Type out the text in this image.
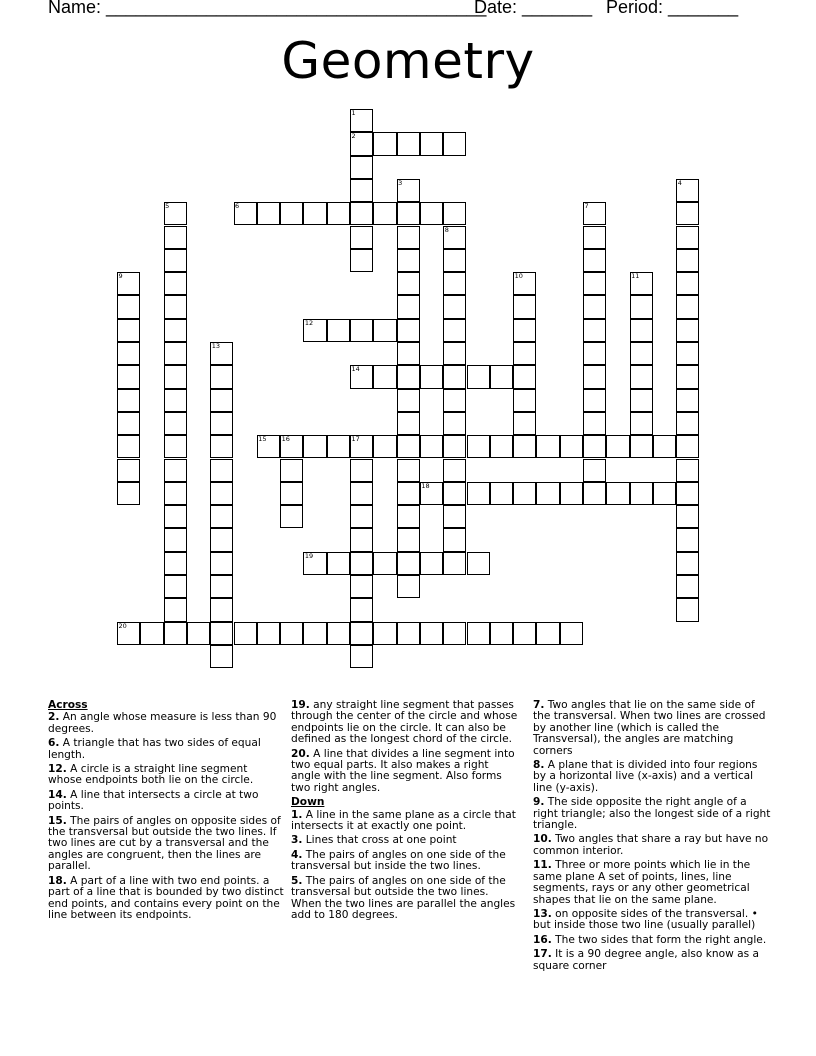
Name: ______________________________________
Date: _______ Period: _______
Geometry
2
6
12
14
15
18
19
20
1
3	4
5	7
8
9	10	11
13
16	17

Across

2. An angle whose measure is less than 90 degrees.

6. A triangle that has two sides of equal length.

12. A circle is a straight line segment whose endpoints both lie on the circle.

14. A line that intersects a circle at two points.

15. The pairs of angles on opposite sides of the transversal but outside the two lines. If two lines are cut by a transversal and the angles are congruent, then the lines are parallel.

18. A part of a line with two end points. a part of a line that is bounded by two distinct end points, and contains every point on the line between its endpoints.

19. any straight line segment that passes through the center of the circle and whose endpoints lie on the circle. It can also be defined as the longest chord of the circle.

20. A line that divides a line segment into two equal parts. It also makes a right angle with the line segment. Also forms two right angles.

Down

1. A line in the same plane as a circle that intersects it at exactly one point.

3. Lines that cross at one point

4. The pairs of angles on one side of the transversal but inside the two lines.

5. The pairs of angles on one side of the transversal but outside the two lines. When the two lines are parallel the angles add to 180 degrees.

7. Two angles that lie on the same side of the transversal. When two lines are crossed by another line (which is called the Transversal), the angles are matching corners

8. A plane that is divided into four regions by a horizontal live (x-axis) and a vertical line (y-axis).

9. The side opposite the right angle of a right triangle; also the longest side of a right triangle.

10. Two angles that share a ray but have no common interior.

11. Three or more points which lie in the same plane A set of points, lines, line segments, rays or any other geometrical shapes that lie on the same plane.

13. on opposite sides of the transversal. • but inside those two line (usually parallel)

16. The two sides that form the right angle.

17. It is a 90 degree angle, also know as a square corner
